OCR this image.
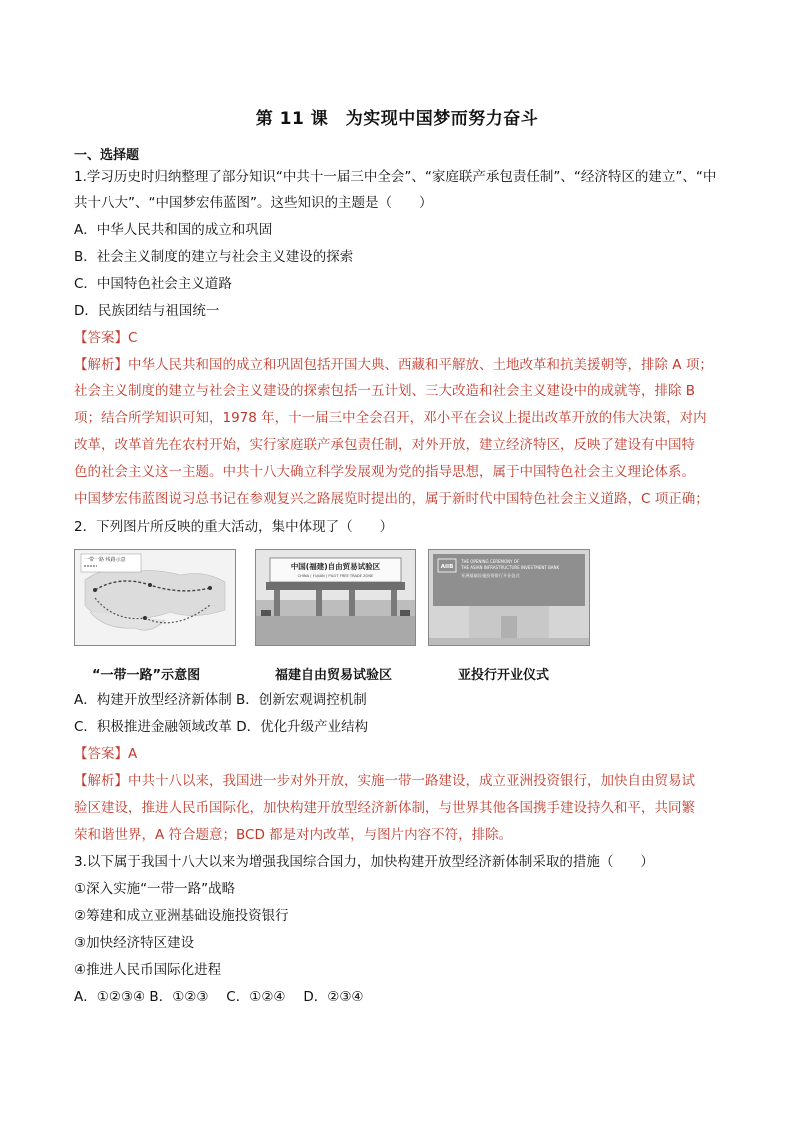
第 11 课　为实现中国梦而努力奋斗
一、选择题
1.学习历史时归纳整理了部分知识“中共十一届三中全会”、“家庭联产承包责任制”、“经济特区的建立”、“中
共十八大”、“中国梦宏伟蓝图”。这些知识的主题是（　　）
A．中华人民共和国的成立和巩固
B．社会主义制度的建立与社会主义建设的探索
C．中国特色社会主义道路
D．民族团结与祖国统一
【答案】C
【解析】中华人民共和国的成立和巩固包括开国大典、西藏和平解放、土地改革和抗美援朝等，排除 A 项；
社会主义制度的建立与社会主义建设的探索包括一五计划、三大改造和社会主义建设中的成就等，排除 B
项；结合所学知识可知，1978 年，十一届三中全会召开，邓小平在会议上提出改革开放的伟大决策，对内
改革，改革首先在农村开始，实行家庭联产承包责任制，对外开放，建立经济特区，反映了建设有中国特
色的社会主义这一主题。中共十八大确立科学发展观为党的指导思想，属于中国特色社会主义理论体系。
中国梦宏伟蓝图说习总书记在参观复兴之路展览时提出的，属于新时代中国特色社会主义道路，C 项正确；
2．下列图片所反映的重大活动，集中体现了（　　）
一带一路 线路示意
中国(福建)自由贸易试验区
CHINA ( FUJIAN ) PILOT FREE TRADE ZONE
AIIB
THE OPENING CEREMONY OF
THE ASIAN INFRASTRUCTURE INVESTMENT BANK
亚洲基础设施投资银行开业仪式
“一带一路”示意图	福建自由贸易试验区	亚投行开业仪式
A．构建开放型经济新体制 B．创新宏观调控机制
C．积极推进金融领域改革 D．优化升级产业结构
【答案】A
【解析】中共十八以来，我国进一步对外开放，实施一带一路建设，成立亚洲投资银行，加快自由贸易试
验区建设，推进人民币国际化，加快构建开放型经济新体制，与世界其他各国携手建设持久和平，共同繁
荣和谐世界，A 符合题意；BCD 都是对内改革，与图片内容不符，排除。
3.以下属于我国十八大以来为增强我国综合国力，加快构建开放型经济新体制采取的措施（　　）
①深入实施“一带一路”战略
②筹建和成立亚洲基础设施投资银行
③加快经济特区建设
④推进人民币国际化进程
A．①②③④ B．①②③　 C．①②④　 D．②③④
